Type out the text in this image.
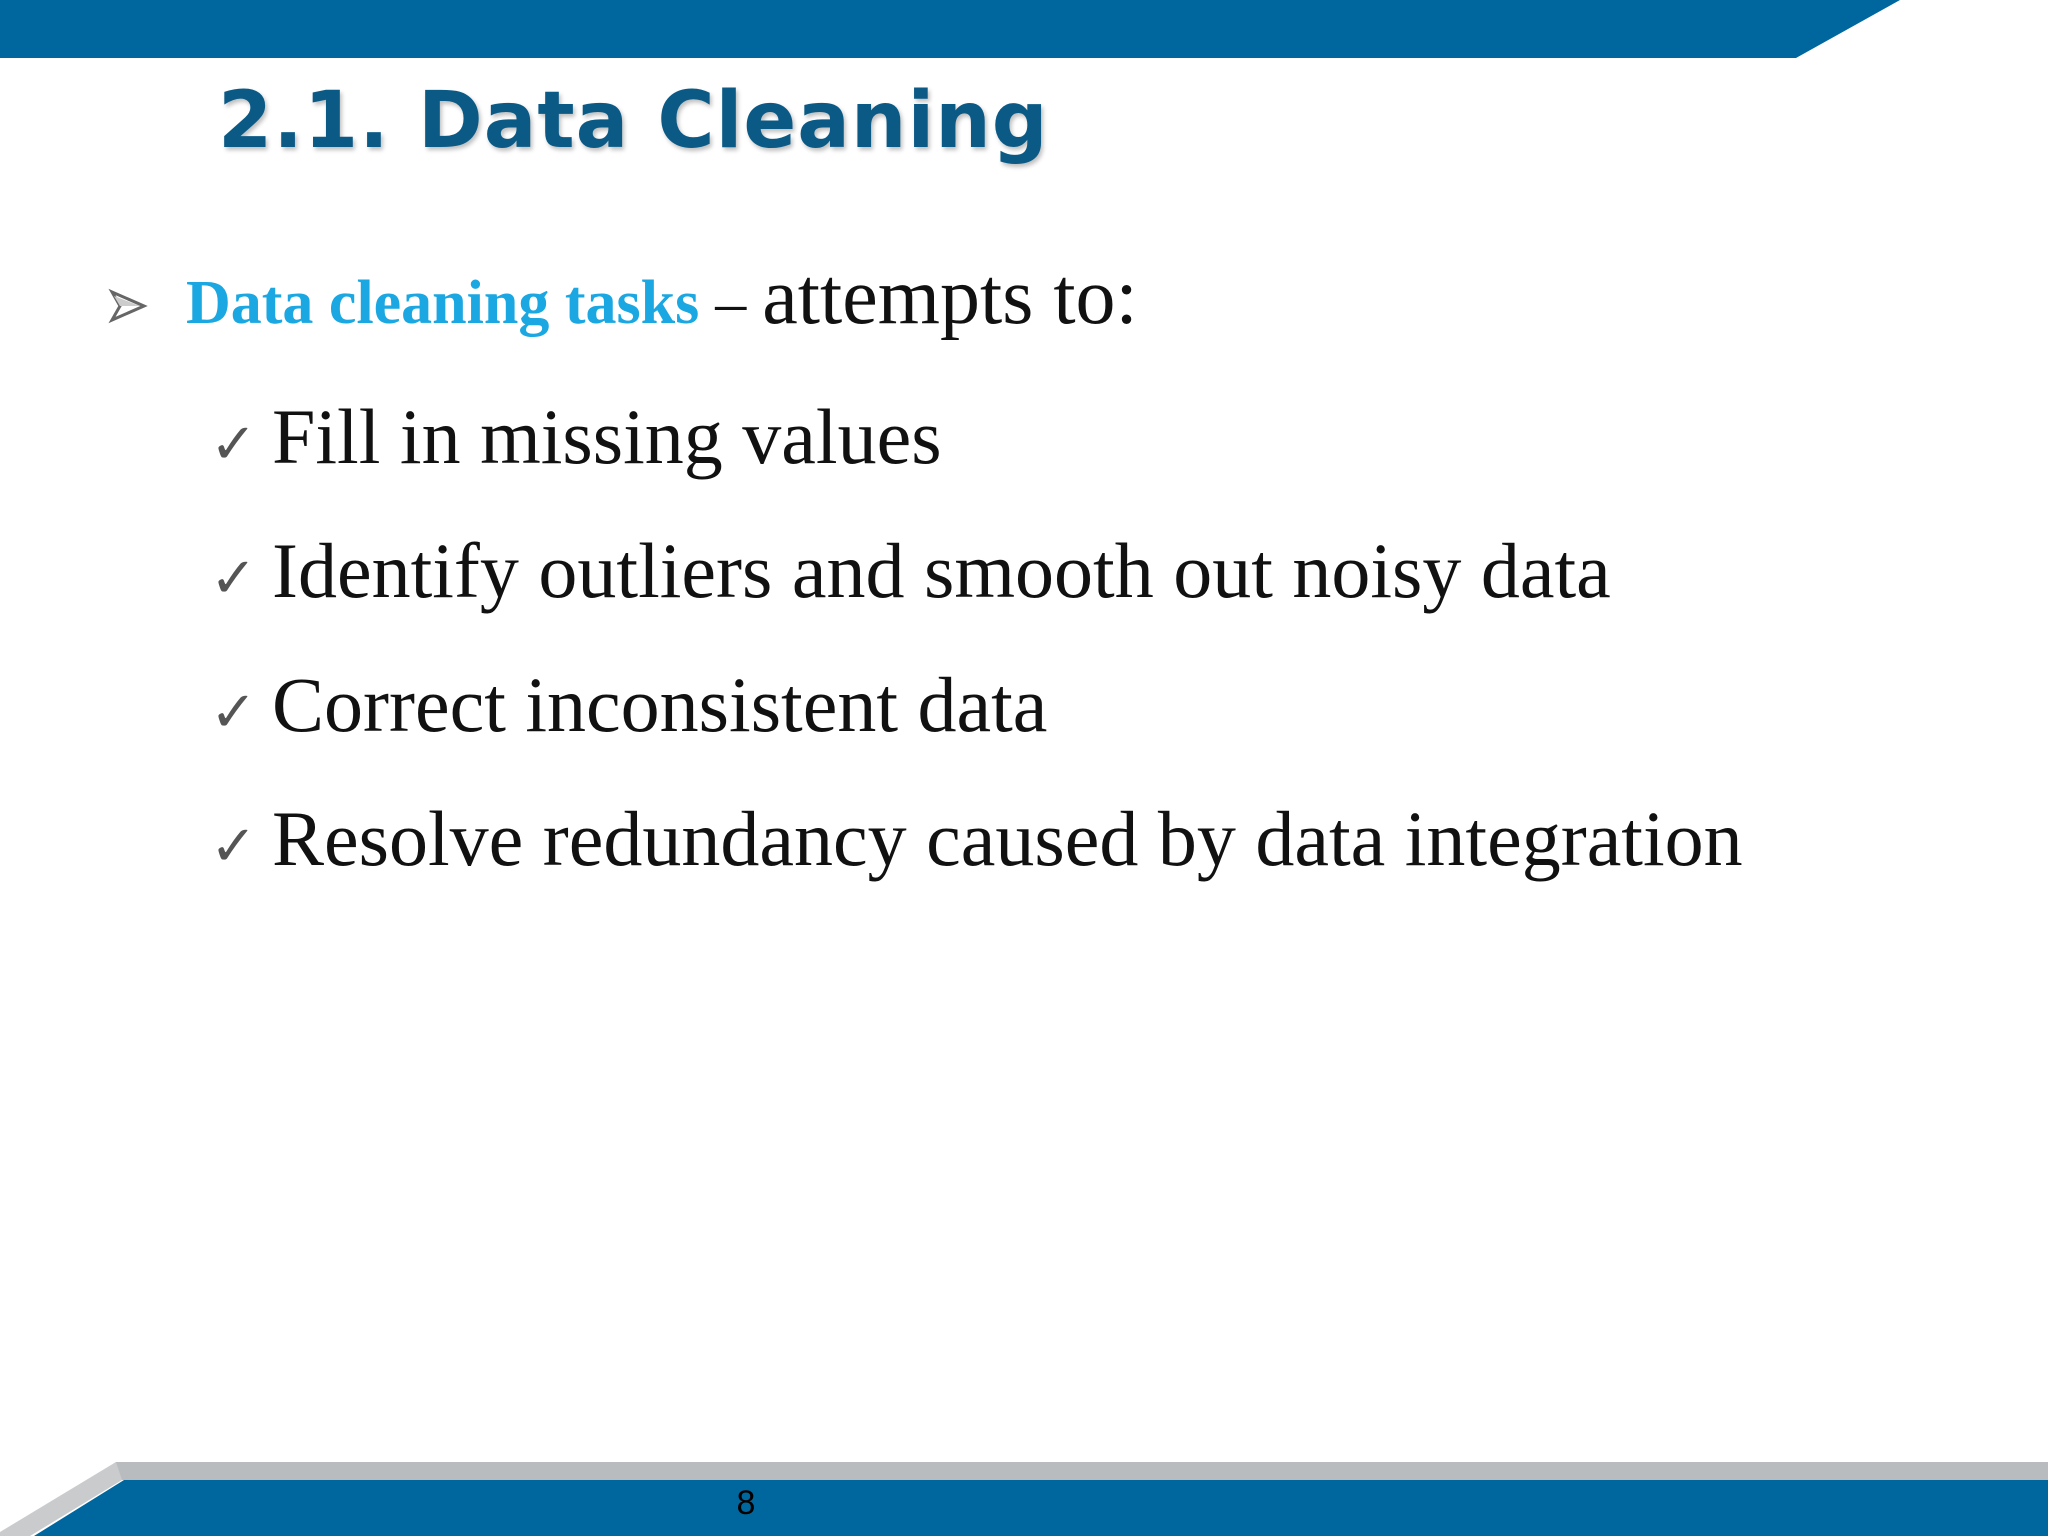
2.1. Data Cleaning
Data cleaning tasks – attempts to:
✓ Fill in missing values
✓ Identify outliers and smooth out noisy data
✓ Correct inconsistent data
✓ Resolve redundancy caused by data integration
8
